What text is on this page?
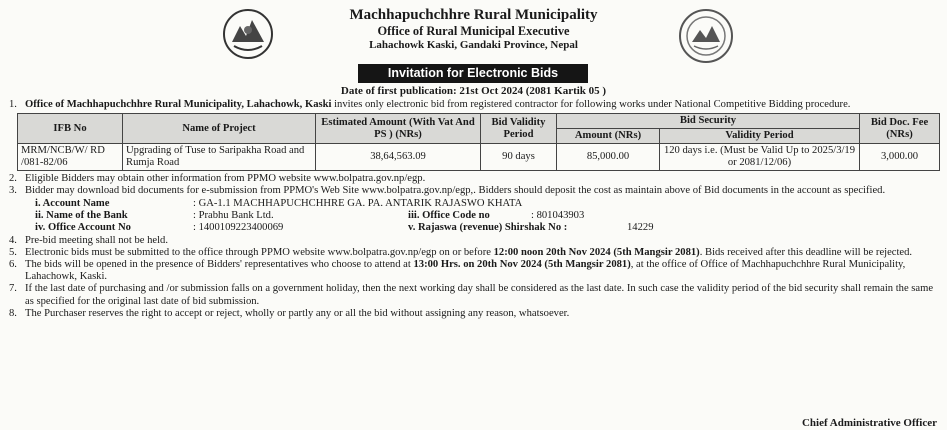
Machhapuchchhre Rural Municipality
Office of Rural Municipal Executive
Lahachowk Kaski, Gandaki Province, Nepal
Invitation for Electronic Bids
Date of first publication: 21st Oct 2024 (2081 Kartik 05 )
1. Office of Machhapuchchhre Rural Municipality, Lahachowk, Kaski invites only electronic bid from registered contractor for following works under National Competitive Bidding procedure.
IFB No	Name of Project	Estimated Amount (With Vat And PS ) (NRs)	Bid Validity Period	Bid Security		Bid Doc. Fee (NRs)
				Amount (NRs)	Validity Period	
MRM/NCB/W/ RD /081-82/06	Upgrading of Tuse to Saripakha Road and Rumja Road	38,64,563.09	90 days	85,000.00	120 days i.e. (Must be Valid Up to 2025/3/19 or 2081/12/06)	3,000.00
2. Eligible Bidders may obtain other information from PPMO website www.bolpatra.gov.np/egp.
3. Bidder may download bid documents for e-submission from PPMO's Web Site www.bolpatra.gov.np/egp,. Bidders should deposit the cost as maintain above of Bid documents in the account as specified.
i. Account Name	: GA-1.1 MACHHAPUCHCHHRE GA. PA. ANTARIK RAJASWO KHATA
ii. Name of the Bank	: Prabhu Bank Ltd.	iii. Office Code no	: 801043903
iv. Office Account No	: 1400109223400069	v. Rajaswa (revenue) Shirshak No :	14229
4. Pre-bid meeting shall not be held.
5. Electronic bids must be submitted to the office through PPMO website www.bolpatra.gov.np/egp on or before 12:00 noon 20th Nov 2024 (5th Mangsir 2081). Bids received after this deadline will be rejected.
6. The bids will be opened in the presence of Bidders' representatives who choose to attend at 13:00 Hrs. on 20th Nov 2024 (5th Mangsir 2081), at the office of Office of Machhapuchchhre Rural Municipality, Lahachowk, Kaski.
7. If the last date of purchasing and /or submission falls on a government holiday, then the next working day shall be considered as the last date. In such case the validity period of the bid security shall remain the same as specified for the original last date of bid submission.
8. The Purchaser reserves the right to accept or reject, wholly or partly any or all the bid without assigning any reason, whatsoever.
Chief Administrative Officer
